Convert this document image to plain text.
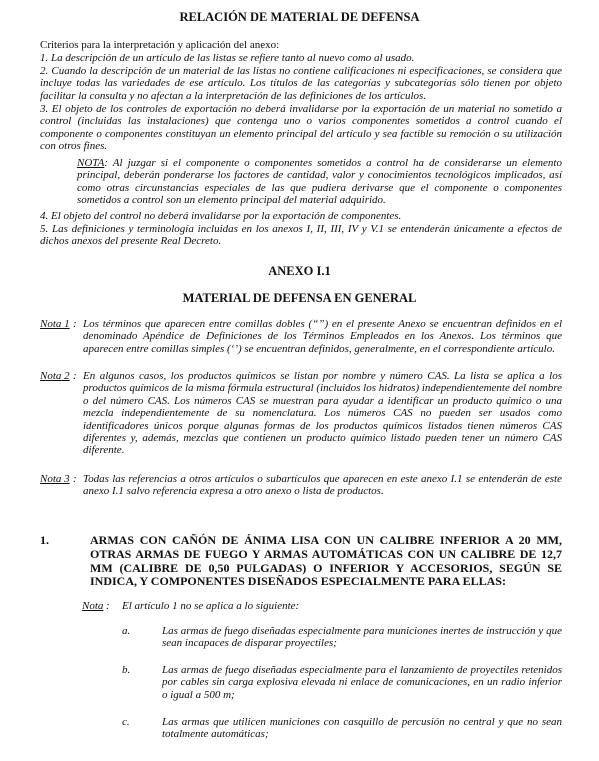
RELACIÓN DE MATERIAL DE DEFENSA
Criterios para la interpretación y aplicación del anexo:
1. La descripción de un artículo de las listas se refiere tanto al nuevo como al usado.
2. Cuando la descripción de un material de las listas no contiene calificaciones ni especificaciones, se considera que incluye todas las variedades de ese artículo. Los títulos de las categorías y subcategorías sólo tienen por objeto facilitar la consulta y no afectan a la interpretación de las definiciones de los artículos.
3. El objeto de los controles de exportación no deberá invalidarse por la exportación de un material no sometido a control (incluidas las instalaciones) que contenga uno o varios componentes sometidos a control cuando el componente o componentes constituyan un elemento principal del artículo y sea factible su remoción o su utilización con otros fines.
NOTA: Al juzgar si el componente o componentes sometidos a control ha de considerarse un elemento principal, deberán ponderarse los factores de cantidad, valor y conocimientos tecnológicos implicados, así como otras circunstancias especiales de las que pudiera derivarse que el componente o componentes sometidos a control son un elemento principal del material adquirido.
4. El objeto del control no deberá invalidarse por la exportación de componentes.
5. Las definiciones y terminología incluidas en los anexos I, II, III, IV y V.1 se entenderán únicamente a efectos de dichos anexos del presente Real Decreto.
ANEXO I.1
MATERIAL DE DEFENSA EN GENERAL
Nota 1 : Los términos que aparecen entre comillas dobles (“”) en el presente Anexo se encuentran definidos en el denominado Apéndice de Definiciones de los Términos Empleados en los Anexos. Los términos que aparecen entre comillas simples (‘’) se encuentran definidos, generalmente, en el correspondiente artículo.
Nota 2 : En algunos casos, los productos químicos se listan por nombre y número CAS. La lista se aplica a los productos químicos de la misma fórmula estructural (incluidos los hidratos) independientemente del nombre o del número CAS. Los números CAS se muestran para ayudar a identificar un producto químico o una mezcla independientemente de su nomenclatura. Los números CAS no pueden ser usados como identificadores únicos porque algunas formas de los productos químicos listados tienen números CAS diferentes y, además, mezclas que contienen un producto químico listado pueden tener un número CAS diferente.
Nota 3 : Todas las referencias a otros artículos o subartículos que aparecen en este anexo I.1 se entenderán de este anexo I.1 salvo referencia expresa a otro anexo o lista de productos.
1.	ARMAS CON CAÑÓN DE ÁNIMA LISA CON UN CALIBRE INFERIOR A 20 MM, OTRAS ARMAS DE FUEGO Y ARMAS AUTOMÁTICAS CON UN CALIBRE DE 12,7 MM (CALIBRE DE 0,50 PULGADAS) O INFERIOR Y ACCESORIOS, SEGÚN SE INDICA, Y COMPONENTES DISEÑADOS ESPECIALMENTE PARA ELLAS:
Nota : El artículo 1 no se aplica a lo siguiente:
a.	Las armas de fuego diseñadas especialmente para municiones inertes de instrucción y que sean incapaces de disparar proyectiles;
b.	Las armas de fuego diseñadas especialmente para el lanzamiento de proyectiles retenidos por cables sin carga explosiva elevada ni enlace de comunicaciones, en un radio inferior o igual a 500 m;
c.	Las armas que utilicen municiones con casquillo de percusión no central y que no sean totalmente automáticas;
